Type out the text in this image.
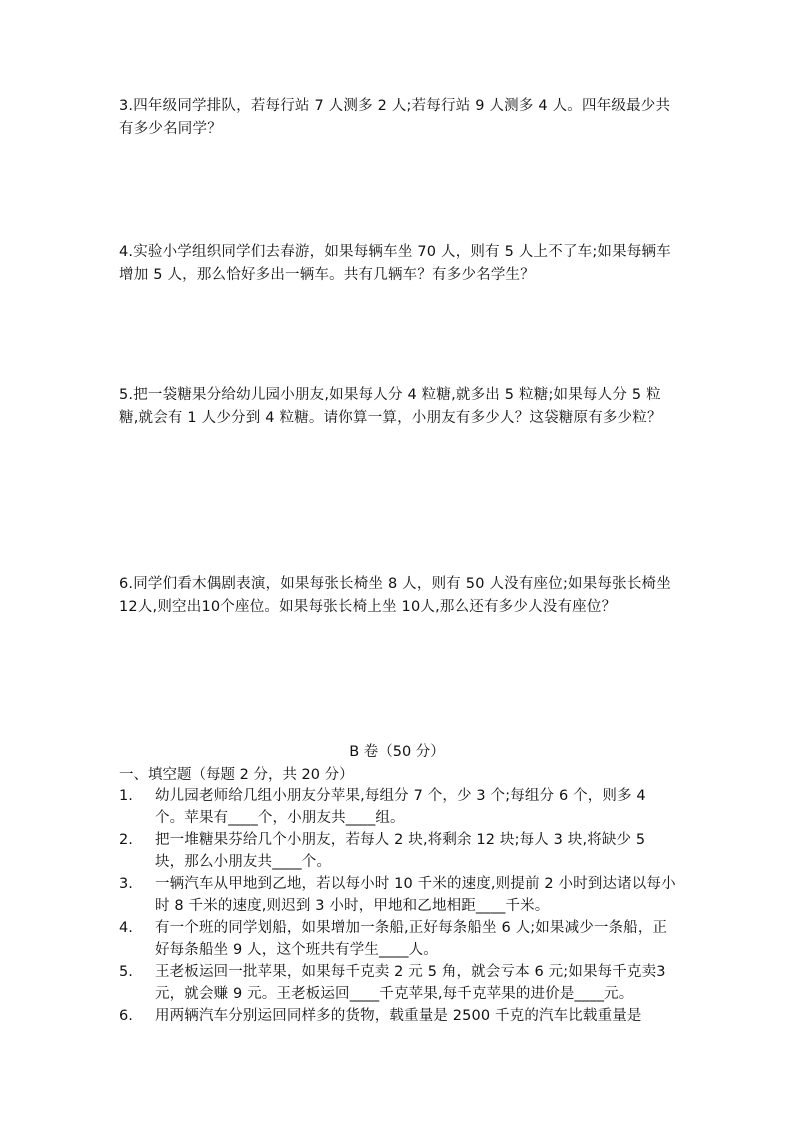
3.四年级同学排队，若每行站 7 人测多 2 人;若每行站 9 人测多 4 人。四年级最少共有多少名同学？

4.实验小学组织同学们去春游，如果每辆车坐 70 人，则有 5 人上不了车;如果每辆车增加 5 人，那么恰好多出一辆车。共有几辆车？有多少名学生？

5.把一袋糖果分给幼儿园小朋友,如果每人分 4 粒糖,就多出 5 粒糖;如果每人分 5 粒糖,就会有 1 人少分到 4 粒糖。请你算一算，小朋友有多少人？这袋糖原有多少粒？

6.同学们看木偶剧表演，如果每张长椅坐 8 人，则有 50 人没有座位;如果每张长椅坐 12人,则空出10个座位。如果每张长椅上坐 10人,那么还有多少人没有座位？

B 卷（50 分）

一、填空题（每题 2 分，共 20 分）

1.	幼儿园老师给几组小朋友分苹果,每组分 7 个，少 3 个;每组分 6 个，则多 4 个。苹果有____个，小朋友共____组。
2.	把一堆糖果芬给几个小朋友，若每人 2 块,将剩余 12 块;每人 3 块,将缺少 5 块，那么小朋友共____个。
3.	一辆汽车从甲地到乙地，若以每小时 10 千米的速度,则提前 2 小时到达诸以每小时 8 千米的速度,则迟到 3 小时，甲地和乙地相距____千米。
4.	有一个班的同学划船，如果增加一条船,正好每条船坐 6 人;如果减少一条船，正好每条船坐 9 人，这个班共有学生____人。
5.	王老板运回一批苹果，如果每千克卖 2 元 5 角，就会亏本 6 元;如果每千克卖3 元，就会赚 9 元。王老板运回____千克苹果,每千克苹果的进价是____元。
6.	用两辆汽车分别运回同样多的货物，载重量是 2500 千克的汽车比载重量是
